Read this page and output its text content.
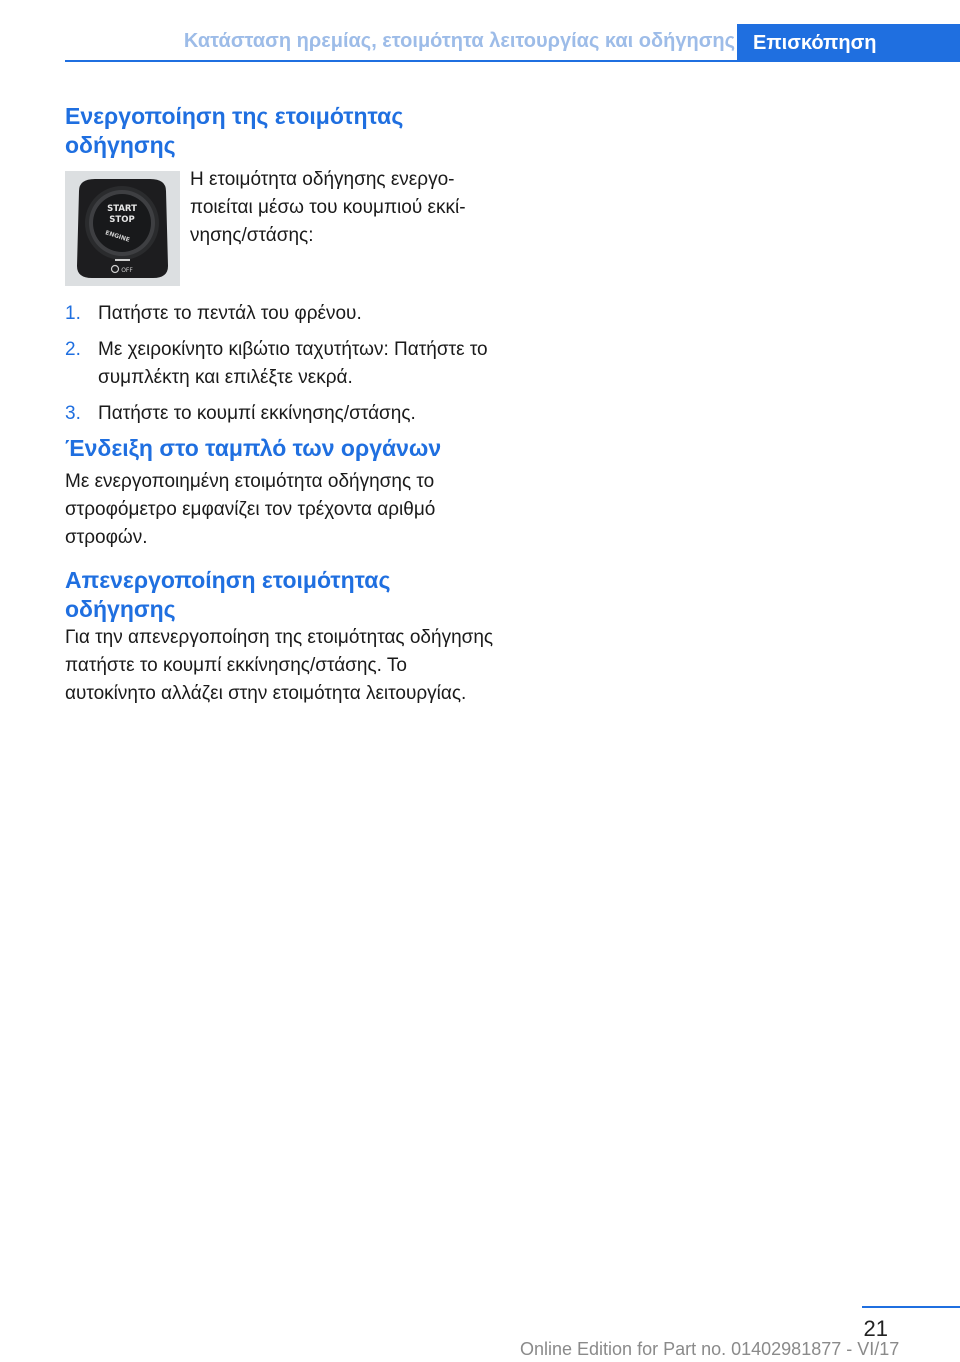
Κατάσταση ηρεμίας, ετοιμότητα λειτουργίας και οδήγησης Επισκόπηση
Ενεργοποίηση της ετοιμότητας οδήγησης
START
STOP
ENGINE
OFF

Η ετοιμότητα οδήγησης ενεργοποιείται μέσω του κουμπιού εκκίνησης/στάσης:

1. Πατήστε το πεντάλ του φρένου.
2. Με χειροκίνητο κιβώτιο ταχυτήτων: Πατήστε το συμπλέκτη και επιλέξτε νεκρά.
3. Πατήστε το κουμπί εκκίνησης/στάσης.
Ένδειξη στο ταμπλό των οργάνων

Με ενεργοποιημένη ετοιμότητα οδήγησης το στροφόμετρο εμφανίζει τον τρέχοντα αριθμό στροφών.

Απενεργοποίηση ετοιμότητας οδήγησης

Για την απενεργοποίηση της ετοιμότητας οδήγησης πατήστε το κουμπί εκκίνησης/στάσης. Το αυτοκίνητο αλλάζει στην ετοιμότητα λειτουργίας.

21
Online Edition for Part no. 01402981877 - VI/17
